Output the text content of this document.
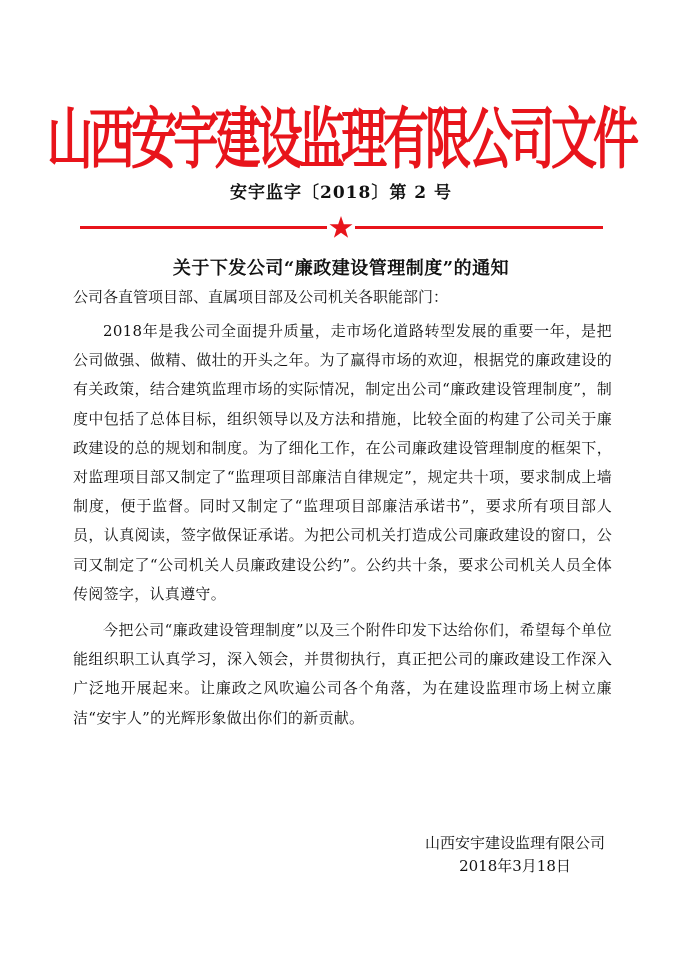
山西安宇建设监理有限公司文件
安宇监字〔2018〕第 2 号
关于下发公司“廉政建设管理制度”的通知
公司各直管项目部、直属项目部及公司机关各职能部门：

2018年是我公司全面提升质量，走市场化道路转型发展的重要一年，是把公司做强、做精、做壮的开头之年。为了赢得市场的欢迎，根据党的廉政建设的有关政策，结合建筑监理市场的实际情况，制定出公司“廉政建设管理制度”，制度中包括了总体目标，组织领导以及方法和措施，比较全面的构建了公司关于廉政建设的总的规划和制度。为了细化工作，在公司廉政建设管理制度的框架下，对监理项目部又制定了“监理项目部廉洁自律规定”，规定共十项，要求制成上墙制度，便于监督。同时又制定了“监理项目部廉洁承诺书”，要求所有项目部人员，认真阅读，签字做保证承诺。为把公司机关打造成公司廉政建设的窗口，公司又制定了“公司机关人员廉政建设公约”。公约共十条，要求公司机关人员全体传阅签字，认真遵守。

今把公司“廉政建设管理制度”以及三个附件印发下达给你们，希望每个单位能组织职工认真学习，深入领会，并贯彻执行，真正把公司的廉政建设工作深入广泛地开展起来。让廉政之风吹遍公司各个角落，为在建设监理市场上树立廉洁“安宇人”的光辉形象做出你们的新贡献。

山西安宇建设监理有限公司
2018年3月18日
